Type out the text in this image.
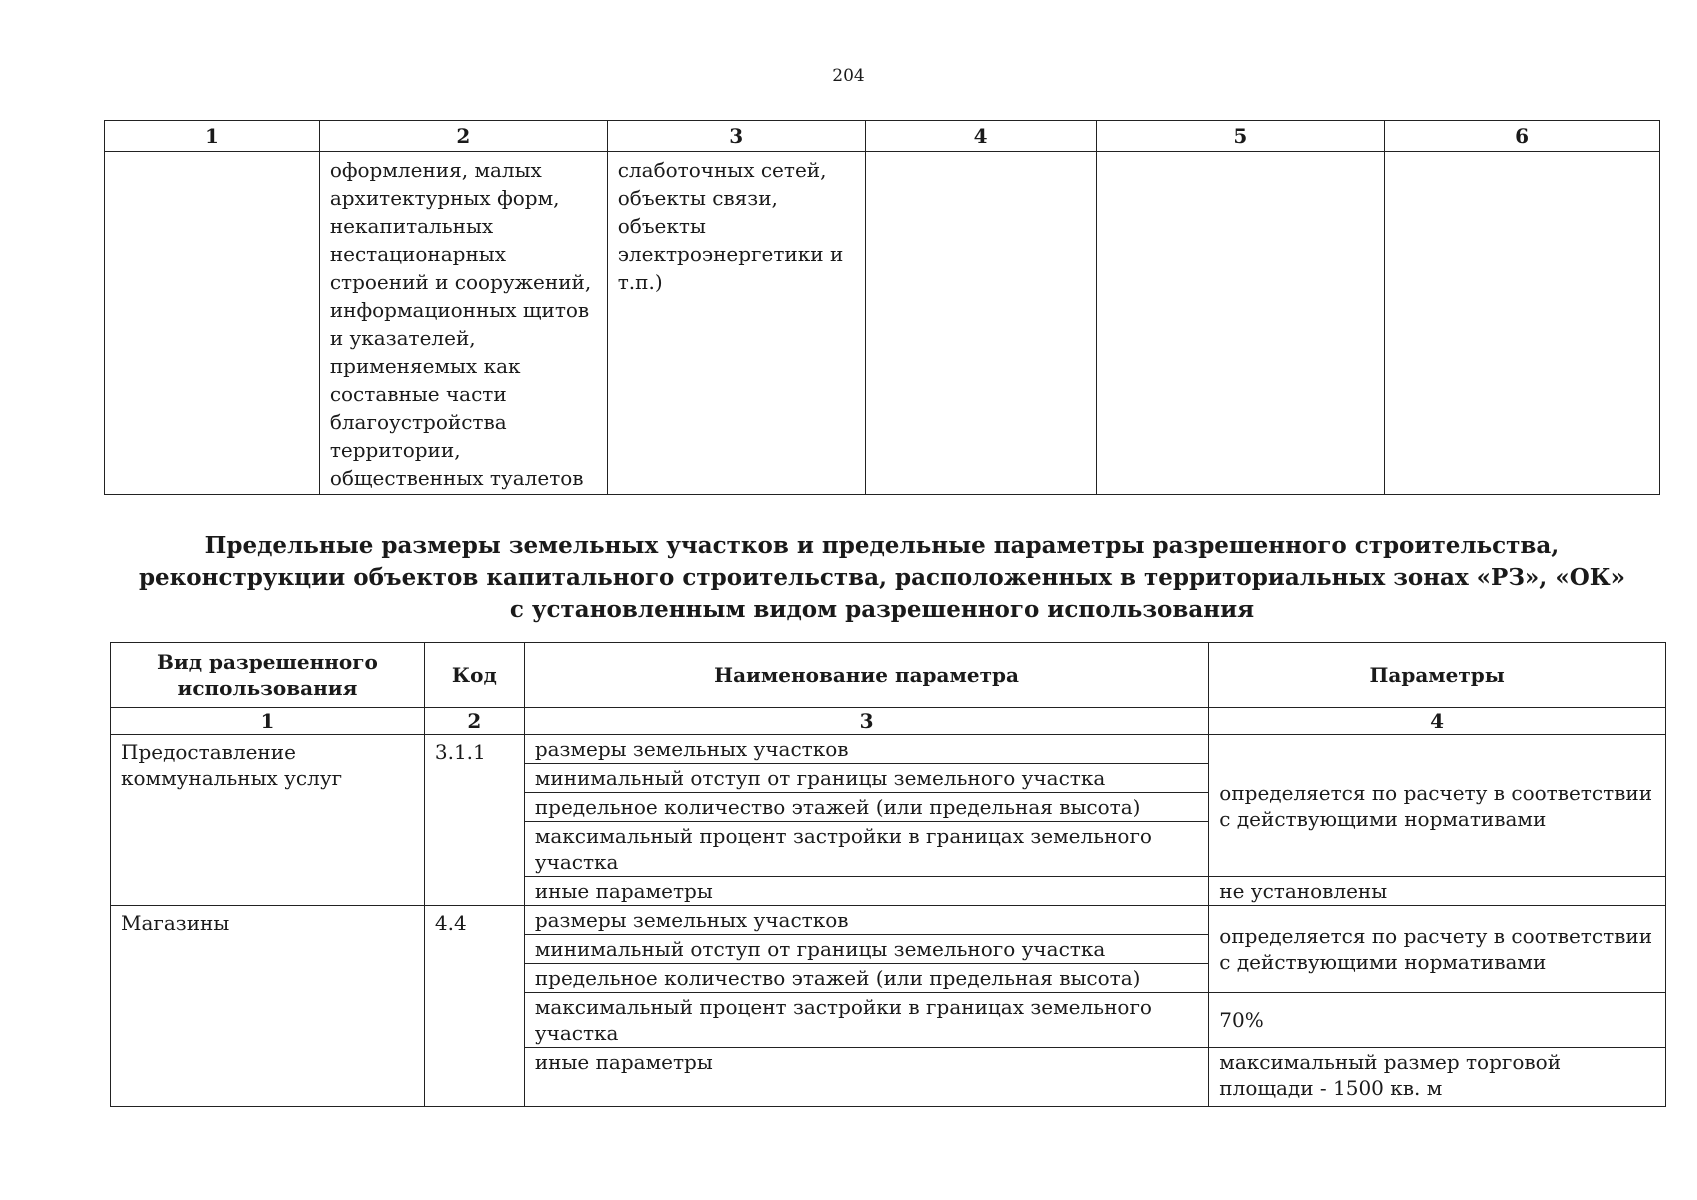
204
1	2	3	4	5	6
	оформления, малых архитектурных форм, некапитальных нестационарных строений и сооружений, информационных щитов и указателей, применяемых как составные части благоустройства территории, общественных туалетов	слаботочных сетей, объекты связи, объекты электроэнергетики и т.п.)			
Предельные размеры земельных участков и предельные параметры разрешенного строительства,
реконструкции объектов капитального строительства, расположенных в территориальных зонах «РЗ», «ОК»
с установленным видом разрешенного использования
Вид разрешенного использования	Код	Наименование параметра	Параметры
1	2	3	4
Предоставление коммунальных услуг	3.1.1	размеры земельных участков	определяется по расчету в соответствии с действующими нормативами
		минимальный отступ от границы земельного участка	
		предельное количество этажей (или предельная высота)	
		максимальный процент застройки в границах земельного участка	
		иные параметры	не установлены
Магазины	4.4	размеры земельных участков	определяется по расчету в соответствии с действующими нормативами
		минимальный отступ от границы земельного участка	
		предельное количество этажей (или предельная высота)	
		максимальный процент застройки в границах земельного участка	70%
		иные параметры	максимальный размер торговой площади - 1500 кв. м
